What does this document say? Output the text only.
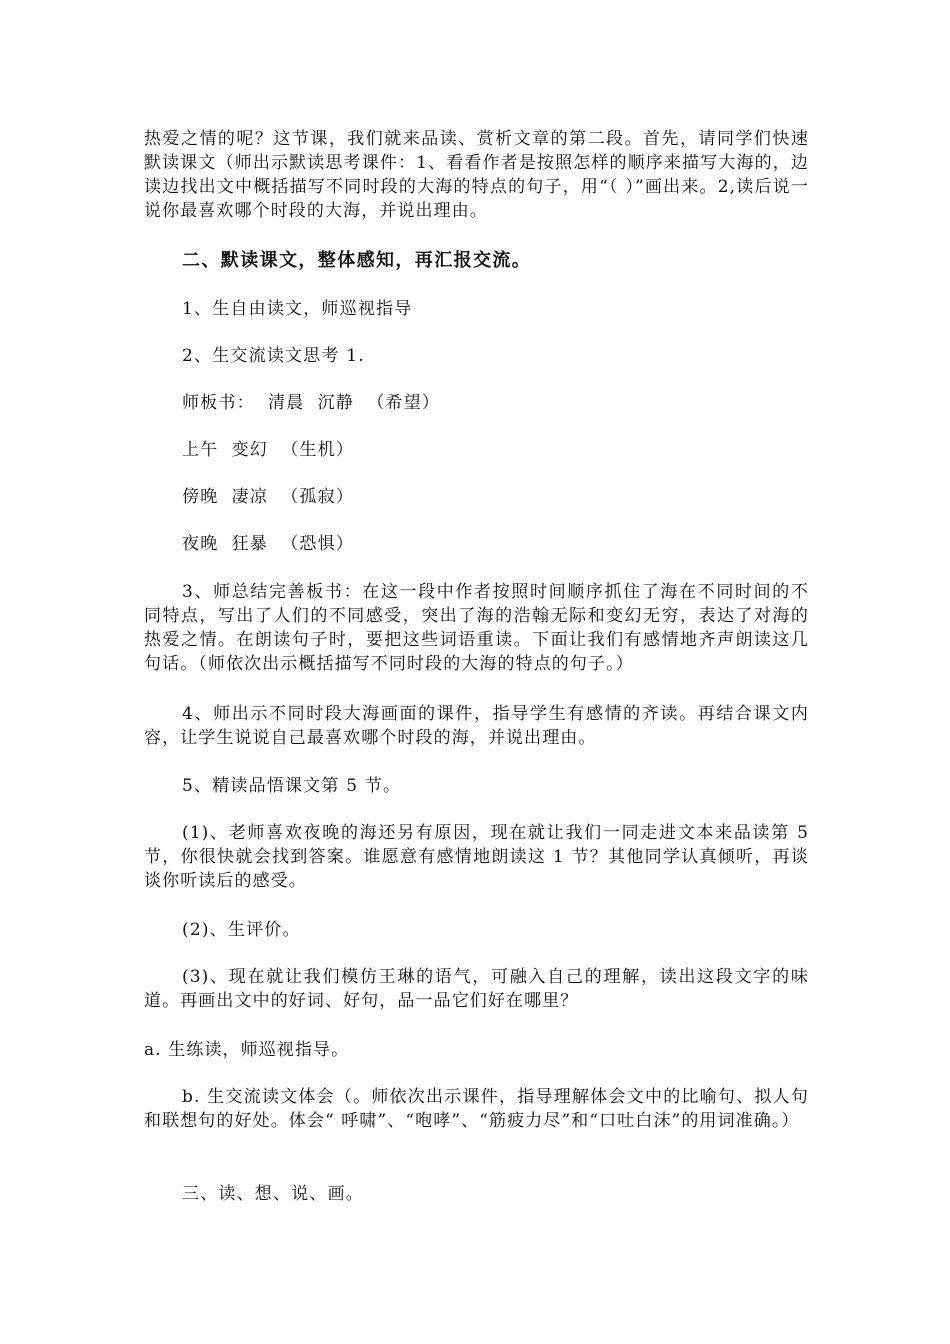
热爱之情的呢？这节课，我们就来品读、赏析文章的第二段。首先，请同学们快速默读课文（师出示默读思考课件：1、看看作者是按照怎样的顺序来描写大海的，边读边找出文中概括描写不同时段的大海的特点的句子，用“（ ）”画出来。2,读后说一说你最喜欢哪个时段的大海，并说出理由。

二、默读课文，整体感知，再汇报交流。

1、生自由读文，师巡视指导

2、生交流读文思考 1.

师板书：  清晨  沉静  （希望）

上午  变幻  （生机）

傍晚  凄凉  （孤寂）

夜晚  狂暴  （恐惧）

3、师总结完善板书：在这一段中作者按照时间顺序抓住了海在不同时间的不同特点，写出了人们的不同感受，突出了海的浩翰无际和变幻无穷，表达了对海的热爱之情。在朗读句子时，要把这些词语重读。下面让我们有感情地齐声朗读这几句话。（师依次出示概括描写不同时段的大海的特点的句子。）

4、师出示不同时段大海画面的课件，指导学生有感情的齐读。再结合课文内容，让学生说说自己最喜欢哪个时段的海，并说出理由。

5、精读品悟课文第 5 节。

(1)、老师喜欢夜晚的海还另有原因，现在就让我们一同走进文本来品读第 5 节，你很快就会找到答案。谁愿意有感情地朗读这 1 节？其他同学认真倾听，再谈谈你听读后的感受。

(2)、生评价。

(3)、现在就让我们模仿王琳的语气，可融入自己的理解，读出这段文字的味道。再画出文中的好词、好句，品一品它们好在哪里？

a. 生练读，师巡视指导。

b. 生交流读文体会（。师依次出示课件，指导理解体会文中的比喻句、拟人句和联想句的好处。体会“ 呼啸”、“咆哮”、“筋疲力尽”和“口吐白沫”的用词准确。）

三、读、想、说、画。
